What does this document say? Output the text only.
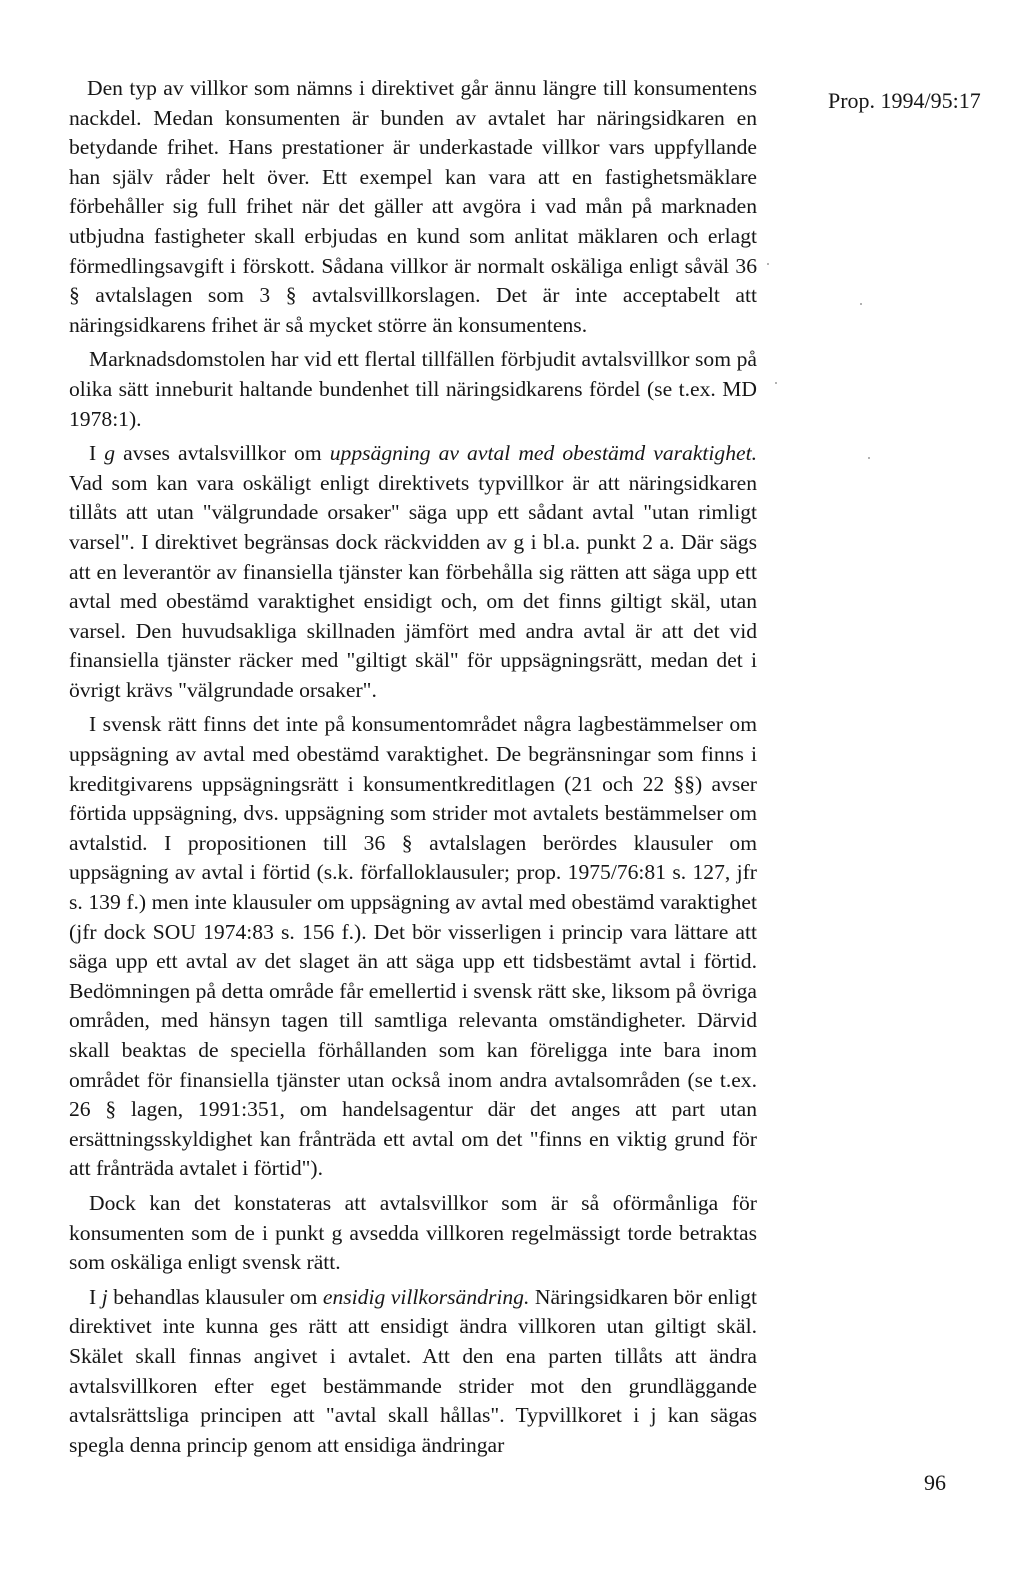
Prop. 1994/95:17

Den typ av villkor som nämns i direktivet går ännu längre till konsumentens nackdel. Medan konsumenten är bunden av avtalet har näringsidkaren en betydande frihet. Hans prestationer är underkastade villkor vars uppfyllande han själv råder helt över. Ett exempel kan vara att en fastighetsmäklare förbehåller sig full frihet när det gäller att avgöra i vad mån på marknaden utbjudna fastigheter skall erbjudas en kund som anlitat mäklaren och erlagt förmedlingsavgift i förskott. Sådana villkor är normalt oskäliga enligt såväl 36 § avtalslagen som 3 § avtalsvillkorslagen. Det är inte acceptabelt att näringsidkarens frihet är så mycket större än konsumentens.

Marknadsdomstolen har vid ett flertal tillfällen förbjudit avtalsvillkor som på olika sätt inneburit haltande bundenhet till näringsidkarens fördel (se t.ex. MD 1978:1).

I g avses avtalsvillkor om uppsägning av avtal med obestämd varaktighet. Vad som kan vara oskäligt enligt direktivets typvillkor är att näringsidkaren tillåts att utan "välgrundade orsaker" säga upp ett sådant avtal "utan rimligt varsel". I direktivet begränsas dock räckvidden av g i bl.a. punkt 2 a. Där sägs att en leverantör av finansiella tjänster kan förbehålla sig rätten att säga upp ett avtal med obestämd varaktighet ensidigt och, om det finns giltigt skäl, utan varsel. Den huvudsakliga skillnaden jämfört med andra avtal är att det vid finansiella tjänster räcker med "giltigt skäl" för uppsägningsrätt, medan det i övrigt krävs "välgrundade orsaker".

I svensk rätt finns det inte på konsumentområdet några lagbestämmelser om uppsägning av avtal med obestämd varaktighet. De begränsningar som finns i kreditgivarens uppsägningsrätt i konsumentkreditlagen (21 och 22 §§) avser förtida uppsägning, dvs. uppsägning som strider mot avtalets bestämmelser om avtalstid. I propositionen till 36 § avtalslagen berördes klausuler om uppsägning av avtal i förtid (s.k. förfalloklausuler; prop. 1975/76:81 s. 127, jfr s. 139 f.) men inte klausuler om uppsägning av avtal med obestämd varaktighet (jfr dock SOU 1974:83 s. 156 f.). Det bör visserligen i princip vara lättare att säga upp ett avtal av det slaget än att säga upp ett tidsbestämt avtal i förtid. Bedömningen på detta område får emellertid i svensk rätt ske, liksom på övriga områden, med hänsyn tagen till samtliga relevanta omständigheter. Därvid skall beaktas de speciella förhållanden som kan föreligga inte bara inom området för finansiella tjänster utan också inom andra avtalsområden (se t.ex. 26 § lagen, 1991:351, om handelsagentur där det anges att part utan ersättningsskyldighet kan frånträda ett avtal om det "finns en viktig grund för att frånträda avtalet i förtid").

Dock kan det konstateras att avtalsvillkor som är så oförmånliga för konsumenten som de i punkt g avsedda villkoren regelmässigt torde betraktas som oskäliga enligt svensk rätt.

I j behandlas klausuler om ensidig villkorsändring. Näringsidkaren bör enligt direktivet inte kunna ges rätt att ensidigt ändra villkoren utan giltigt skäl. Skälet skall finnas angivet i avtalet. Att den ena parten tillåts att ändra avtalsvillkoren efter eget bestämmande strider mot den grundläggande avtalsrättsliga principen att "avtal skall hållas". Typvillkoret i j kan sägas spegla denna princip genom att ensidiga ändringar

96
